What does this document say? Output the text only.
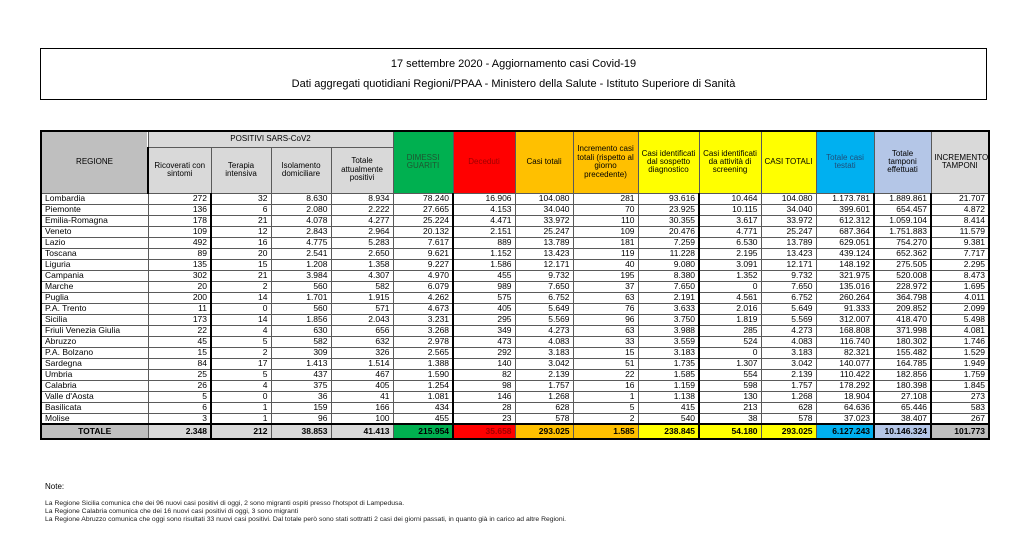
17 settembre 2020 - Aggiornamento casi Covid-19
Dati aggregati quotidiani Regioni/PPAA - Ministero della Salute - Istituto Superiore di Sanità
REGIONE	POSITIVI SARS-CoV2				DIMESSI GUARITI	Deceduti	Casi totali	Incremento casi totali (rispetto al giorno precedente)	Casi identificati dal sospetto diagnostico	Casi identificati da attività di screening	CASI TOTALI	Totale casi testati	Totale tamponi effettuati	INCREMENTO TAMPONI
	Ricoverati con sintomi	Terapia intensiva	Isolamento domiciliare	Totale attualmente positivi										
Lombardia	272	32	8.630	8.934	78.240	16.906	104.080	281	93.616	10.464	104.080	1.173.781	1.889.861	21.707
Piemonte	136	6	2.080	2.222	27.665	4.153	34.040	70	23.925	10.115	34.040	399.601	654.457	4.872
Emilia-Romagna	178	21	4.078	4.277	25.224	4.471	33.972	110	30.355	3.617	33.972	612.312	1.059.104	8.414
Veneto	109	12	2.843	2.964	20.132	2.151	25.247	109	20.476	4.771	25.247	687.364	1.751.883	11.579
Lazio	492	16	4.775	5.283	7.617	889	13.789	181	7.259	6.530	13.789	629.051	754.270	9.381
Toscana	89	20	2.541	2.650	9.621	1.152	13.423	119	11.228	2.195	13.423	439.124	652.362	7.717
Liguria	135	15	1.208	1.358	9.227	1.586	12.171	40	9.080	3.091	12.171	148.192	275.505	2.295
Campania	302	21	3.984	4.307	4.970	455	9.732	195	8.380	1.352	9.732	321.975	520.008	8.473
Marche	20	2	560	582	6.079	989	7.650	37	7.650	0	7.650	135.016	228.972	1.695
Puglia	200	14	1.701	1.915	4.262	575	6.752	63	2.191	4.561	6.752	260.264	364.798	4.011
P.A. Trento	11	0	560	571	4.673	405	5.649	76	3.633	2.016	5.649	91.333	209.852	2.099
Sicilia	173	14	1.856	2.043	3.231	295	5.569	96	3.750	1.819	5.569	312.007	418.470	5.498
Friuli Venezia Giulia	22	4	630	656	3.268	349	4.273	63	3.988	285	4.273	168.808	371.998	4.081
Abruzzo	45	5	582	632	2.978	473	4.083	33	3.559	524	4.083	116.740	180.302	1.746
P.A. Bolzano	15	2	309	326	2.565	292	3.183	15	3.183	0	3.183	82.321	155.482	1.529
Sardegna	84	17	1.413	1.514	1.388	140	3.042	51	1.735	1.307	3.042	140.077	164.785	1.949
Umbria	25	5	437	467	1.590	82	2.139	22	1.585	554	2.139	110.422	182.856	1.759
Calabria	26	4	375	405	1.254	98	1.757	16	1.159	598	1.757	178.292	180.398	1.845
Valle d'Aosta	5	0	36	41	1.081	146	1.268	1	1.138	130	1.268	18.904	27.108	273
Basilicata	6	1	159	166	434	28	628	5	415	213	628	64.636	65.446	583
Molise	3	1	96	100	455	23	578	2	540	38	578	37.023	38.407	267
TOTALE	2.348	212	38.853	41.413	215.954	35.658	293.025	1.585	238.845	54.180	293.025	6.127.243	10.146.324	101.773
Note:
La Regione Sicilia comunica che dei 96 nuovi casi positivi di oggi, 2 sono migranti ospiti presso l'hotspot di Lampedusa.
La Regione Calabria comunica che dei 16 nuovi casi positivi di oggi, 3 sono migranti
La Regione Abruzzo comunica che oggi sono risultati 33 nuovi casi positivi. Dal totale però sono stati sottratti 2 casi dei giorni passati, in quanto già in carico ad altre Regioni.
